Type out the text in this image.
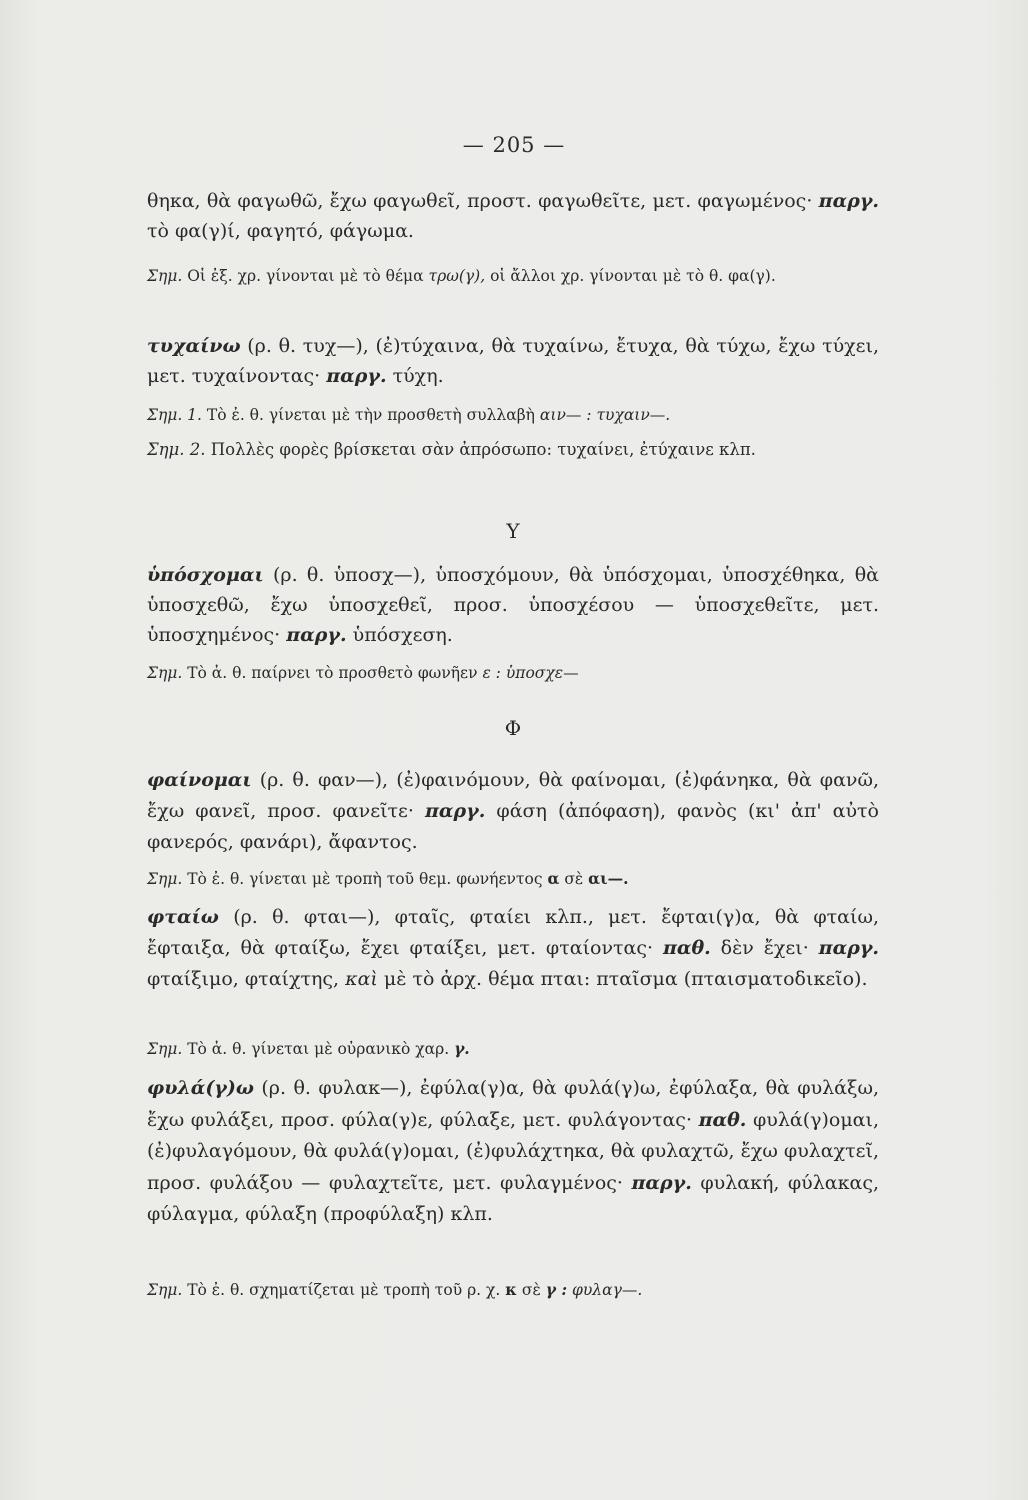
— 205 —

θηκα, θὰ φαγωθῶ, ἔχω φαγωθεῖ, προστ. φαγωθεῖτε, μετ. φαγωμένος· παργ. τὸ φα(γ)ί, φαγητό, φάγωμα.

Σημ. Οἱ ἐξ. χρ. γίνονται μὲ τὸ θέμα τρω(γ), οἱ ἄλλοι χρ. γίνονται μὲ τὸ θ. φα(γ).

τυχαίνω (ρ. θ. τυχ—), (ἐ)τύχαινα, θὰ τυχαίνω, ἔτυχα, θὰ τύχω, ἔχω τύχει, μετ. τυχαίνοντας· παργ. τύχη.

Σημ. 1. Τὸ ἐ. θ. γίνεται μὲ τὴν προσθετὴ συλλαβὴ αιν— : τυχαιν—.

Σημ. 2. Πολλὲς φορὲς βρίσκεται σὰν ἀπρόσωπο: τυχαίνει, ἐτύχαινε κλπ.

Y

ὑπόσχομαι (ρ. θ. ὑποσχ—), ὑποσχόμουν, θὰ ὑπόσχομαι, ὑποσχέθηκα, θὰ ὑποσχεθῶ, ἔχω ὑποσχεθεῖ, προσ. ὑποσχέσου — ὑποσχεθεῖτε, μετ. ὑποσχημένος· παργ. ὑπόσχεση.

Σημ. Τὸ ἀ. θ. παίρνει τὸ προσθετὸ φωνῆεν ε : ὑποσχε—

Φ

φαίνομαι (ρ. θ. φαν—), (ἐ)φαινόμουν, θὰ φαίνομαι, (ἐ)φάνηκα, θὰ φανῶ, ἔχω φανεῖ, προσ. φανεῖτε· παργ. φάση (ἀπόφαση), φανὸς (κι' ἀπ' αὐτὸ φανερός, φανάρι), ἄφαντος.

Σημ. Τὸ ἐ. θ. γίνεται μὲ τροπὴ τοῦ θεμ. φωνήεντος α σὲ αι—.

φταίω (ρ. θ. φται—), φταῖς, φταίει κλπ., μετ. ἔφται(γ)α, θὰ φταίω, ἔφταιξα, θὰ φταίξω, ἔχει φταίξει, μετ. φταίοντας· παθ. δὲν ἔχει· παργ. φταίξιμο, φταίχτης, καὶ μὲ τὸ ἀρχ. θέμα πται: πταῖσμα (πταισματοδικεῖο).

Σημ. Τὸ ἀ. θ. γίνεται μὲ οὐρανικὸ χαρ. γ.

φυλά(γ)ω (ρ. θ. φυλακ—), ἐφύλα(γ)α, θὰ φυλά(γ)ω, ἐφύλαξα, θὰ φυλάξω, ἔχω φυλάξει, προσ. φύλα(γ)ε, φύλαξε, μετ. φυλάγοντας· παθ. φυλά(γ)ομαι, (ἐ)φυλαγόμουν, θὰ φυλά(γ)ομαι, (ἐ)φυλάχτηκα, θὰ φυλαχτῶ, ἔχω φυλαχτεῖ, προσ. φυλάξου — φυλαχτεῖτε, μετ. φυλαγμένος· παργ. φυλακή, φύλακας, φύλαγμα, φύλαξη (προφύλαξη) κλπ.

Σημ. Τὸ ἐ. θ. σχηματίζεται μὲ τροπὴ τοῦ ρ. χ. κ σὲ γ : φυλαγ—.
